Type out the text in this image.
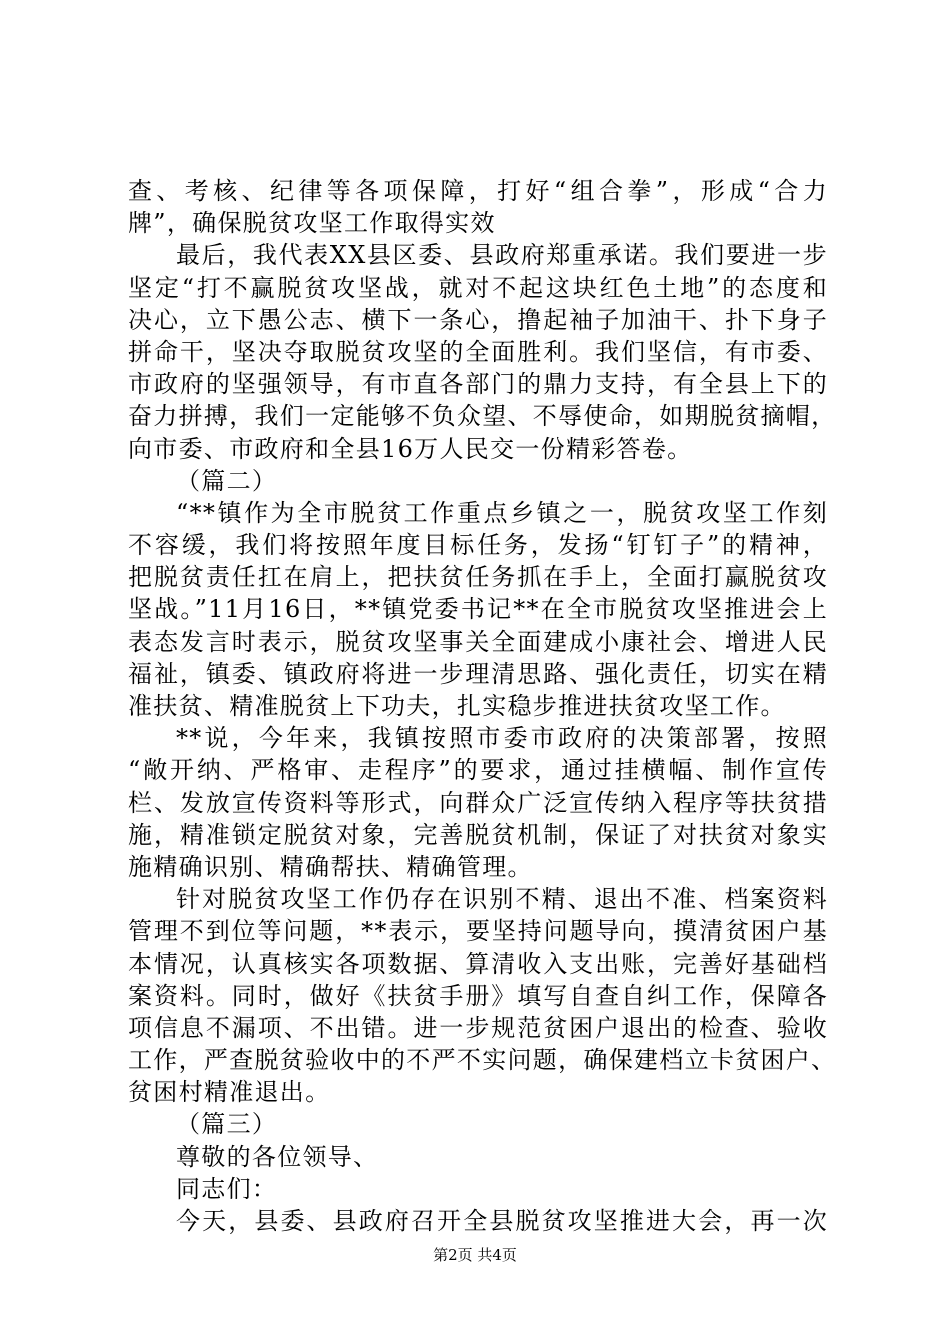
查、考核、纪律等各项保障，打好“组合拳”，形成“合力
牌”，确保脱贫攻坚工作取得实效
最后，我代表XX县区委、县政府郑重承诺。我们要进一步
坚定“打不赢脱贫攻坚战，就对不起这块红色土地”的态度和
决心，立下愚公志、横下一条心，撸起袖子加油干、扑下身子
拼命干，坚决夺取脱贫攻坚的全面胜利。我们坚信，有市委、
市政府的坚强领导，有市直各部门的鼎力支持，有全县上下的
奋力拼搏，我们一定能够不负众望、不辱使命，如期脱贫摘帽，
向市委、市政府和全县16万人民交一份精彩答卷。
（篇二）
“**镇作为全市脱贫工作重点乡镇之一，脱贫攻坚工作刻
不容缓，我们将按照年度目标任务，发扬“钉钉子”的精神，
把脱贫责任扛在肩上，把扶贫任务抓在手上，全面打赢脱贫攻
坚战。”11月16日，**镇党委书记**在全市脱贫攻坚推进会上
表态发言时表示，脱贫攻坚事关全面建成小康社会、增进人民
福祉，镇委、镇政府将进一步理清思路、强化责任，切实在精
准扶贫、精准脱贫上下功夫，扎实稳步推进扶贫攻坚工作。
**说，今年来，我镇按照市委市政府的决策部署，按照
“敞开纳、严格审、走程序”的要求，通过挂横幅、制作宣传
栏、发放宣传资料等形式，向群众广泛宣传纳入程序等扶贫措
施，精准锁定脱贫对象，完善脱贫机制，保证了对扶贫对象实
施精确识别、精确帮扶、精确管理。
针对脱贫攻坚工作仍存在识别不精、退出不准、档案资料
管理不到位等问题，**表示，要坚持问题导向，摸清贫困户基
本情况，认真核实各项数据、算清收入支出账，完善好基础档
案资料。同时，做好《扶贫手册》填写自查自纠工作，保障各
项信息不漏项、不出错。进一步规范贫困户退出的检查、验收
工作，严查脱贫验收中的不严不实问题，确保建档立卡贫困户、
贫困村精准退出。
（篇三）
尊敬的各位领导、
同志们：
今天，县委、县政府召开全县脱贫攻坚推进大会，再一次
第2页 共4页
